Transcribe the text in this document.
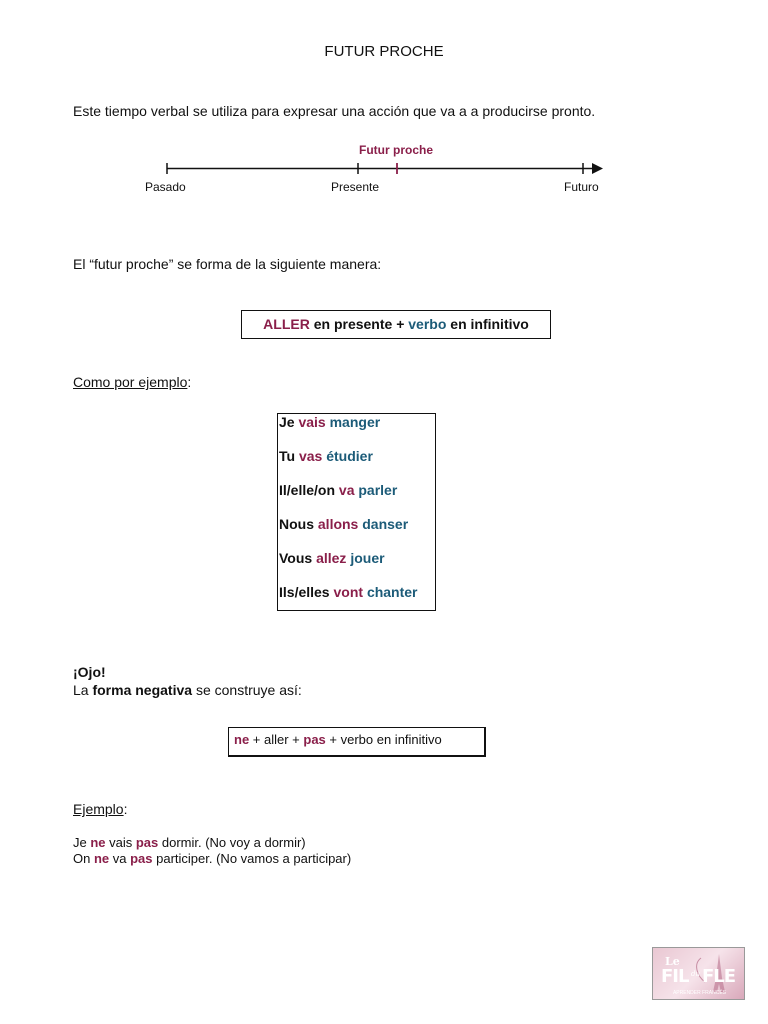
FUTUR PROCHE
Este tiempo verbal se utiliza para expresar una acción que va a a producirse pronto.
Futur proche
Pasado	Presente	Futuro
El “futur proche” se forma de la siguiente manera:
ALLER en presente + verbo en infinitivo
Como por ejemplo:
Je vais manger
Tu vas étudier
Il/elle/on va parler
Nous allons danser
Vous allez jouer
Ils/elles vont chanter
¡Ojo!
La forma negativa se construye así:
ne + aller + pas + verbo en infinitivo
Ejemplo:
Je ne vais pas dormir. (No voy a dormir)
On ne va pas participer. (No vamos a participar)
Le
FIL du FLE
APRENDER FRANCÉS
